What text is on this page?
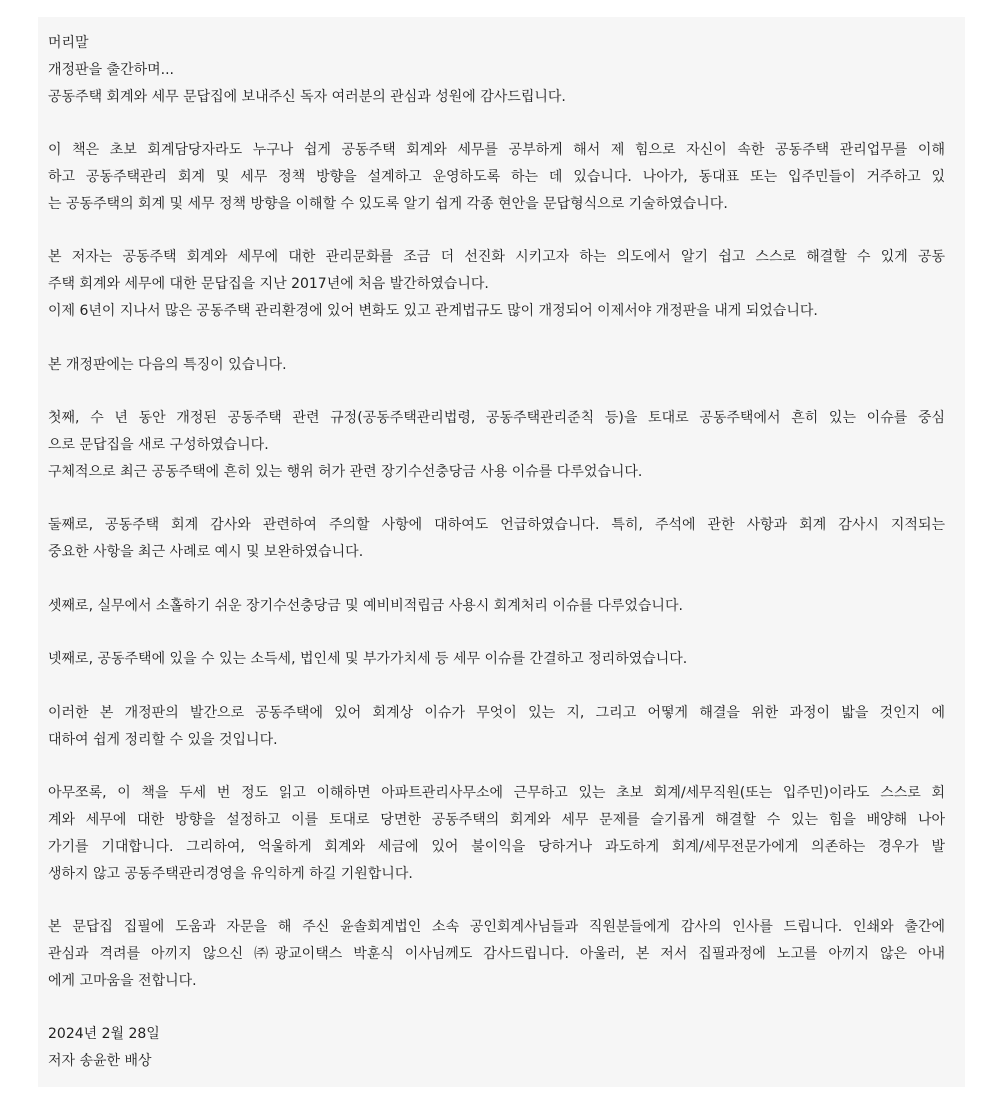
머리말

개정판을 출간하며...

공동주택 회계와 세무 문답집에 보내주신 독자 여러분의 관심과 성원에 감사드립니다.

이 책은 초보 회계담당자라도 누구나 쉽게 공동주택 회계와 세무를 공부하게 해서 제 힘으로 자신이 속한 공동주택 관리업무를 이해

하고 공동주택관리 회계 및 세무 정책 방향을 설계하고 운영하도록 하는 데 있습니다. 나아가, 동대표 또는 입주민들이 거주하고 있

는 공동주택의 회계 및 세무 정책 방향을 이해할 수 있도록 알기 쉽게 각종 현안을 문답형식으로 기술하였습니다.

본 저자는 공동주택 회계와 세무에 대한 관리문화를 조금 더 선진화 시키고자 하는 의도에서 알기 쉽고 스스로 해결할 수 있게 공동

주택 회계와 세무에 대한 문답집을 지난 2017년에 처음 발간하였습니다.

이제 6년이 지나서 많은 공동주택 관리환경에 있어 변화도 있고 관계법규도 많이 개정되어 이제서야 개정판을 내게 되었습니다.

본 개정판에는 다음의 특징이 있습니다.

첫째, 수 년 동안 개정된 공동주택 관련 규정(공동주택관리법령, 공동주택관리준칙 등)을 토대로 공동주택에서 흔히 있는 이슈를 중심

으로 문답집을 새로 구성하였습니다.

구체적으로 최근 공동주택에 흔히 있는 행위 허가 관련 장기수선충당금 사용 이슈를 다루었습니다.

둘째로, 공동주택 회계 감사와 관련하여 주의할 사항에 대하여도 언급하였습니다. 특히, 주석에 관한 사항과 회계 감사시 지적되는

중요한 사항을 최근 사례로 예시 및 보완하였습니다.

셋째로, 실무에서 소홀하기 쉬운 장기수선충당금 및 예비비적립금 사용시 회계처리 이슈를 다루었습니다.

넷째로, 공동주택에 있을 수 있는 소득세, 법인세 및 부가가치세 등 세무 이슈를 간결하고 정리하였습니다.

이러한 본 개정판의 발간으로 공동주택에 있어 회계상 이슈가 무엇이 있는 지, 그리고 어떻게 해결을 위한 과정이 밟을 것인지 에

대하여 쉽게 정리할 수 있을 것입니다.

아무쪼록, 이 책을 두세 번 정도 읽고 이해하면 아파트관리사무소에 근무하고 있는 초보 회계/세무직원(또는 입주민)이라도 스스로 회

계와 세무에 대한 방향을 설정하고 이를 토대로 당면한 공동주택의 회계와 세무 문제를 슬기롭게 해결할 수 있는 힘을 배양해 나아

가기를 기대합니다. 그리하여, 억울하게 회계와 세금에 있어 불이익을 당하거나 과도하게 회계/세무전문가에게 의존하는 경우가 발

생하지 않고 공동주택관리경영을 유익하게 하길 기원합니다.

본 문답집 집필에 도움과 자문을 해 주신 윤솔회계법인 소속 공인회계사님들과 직원분들에게 감사의 인사를 드립니다. 인쇄와 출간에

관심과 격려를 아끼지 않으신 ㈜광교이택스 박훈식 이사님께도 감사드립니다. 아울러, 본 저서 집필과정에 노고를 아끼지 않은 아내

에게 고마움을 전합니다.

2024년 2월 28일

저자 송윤한 배상
